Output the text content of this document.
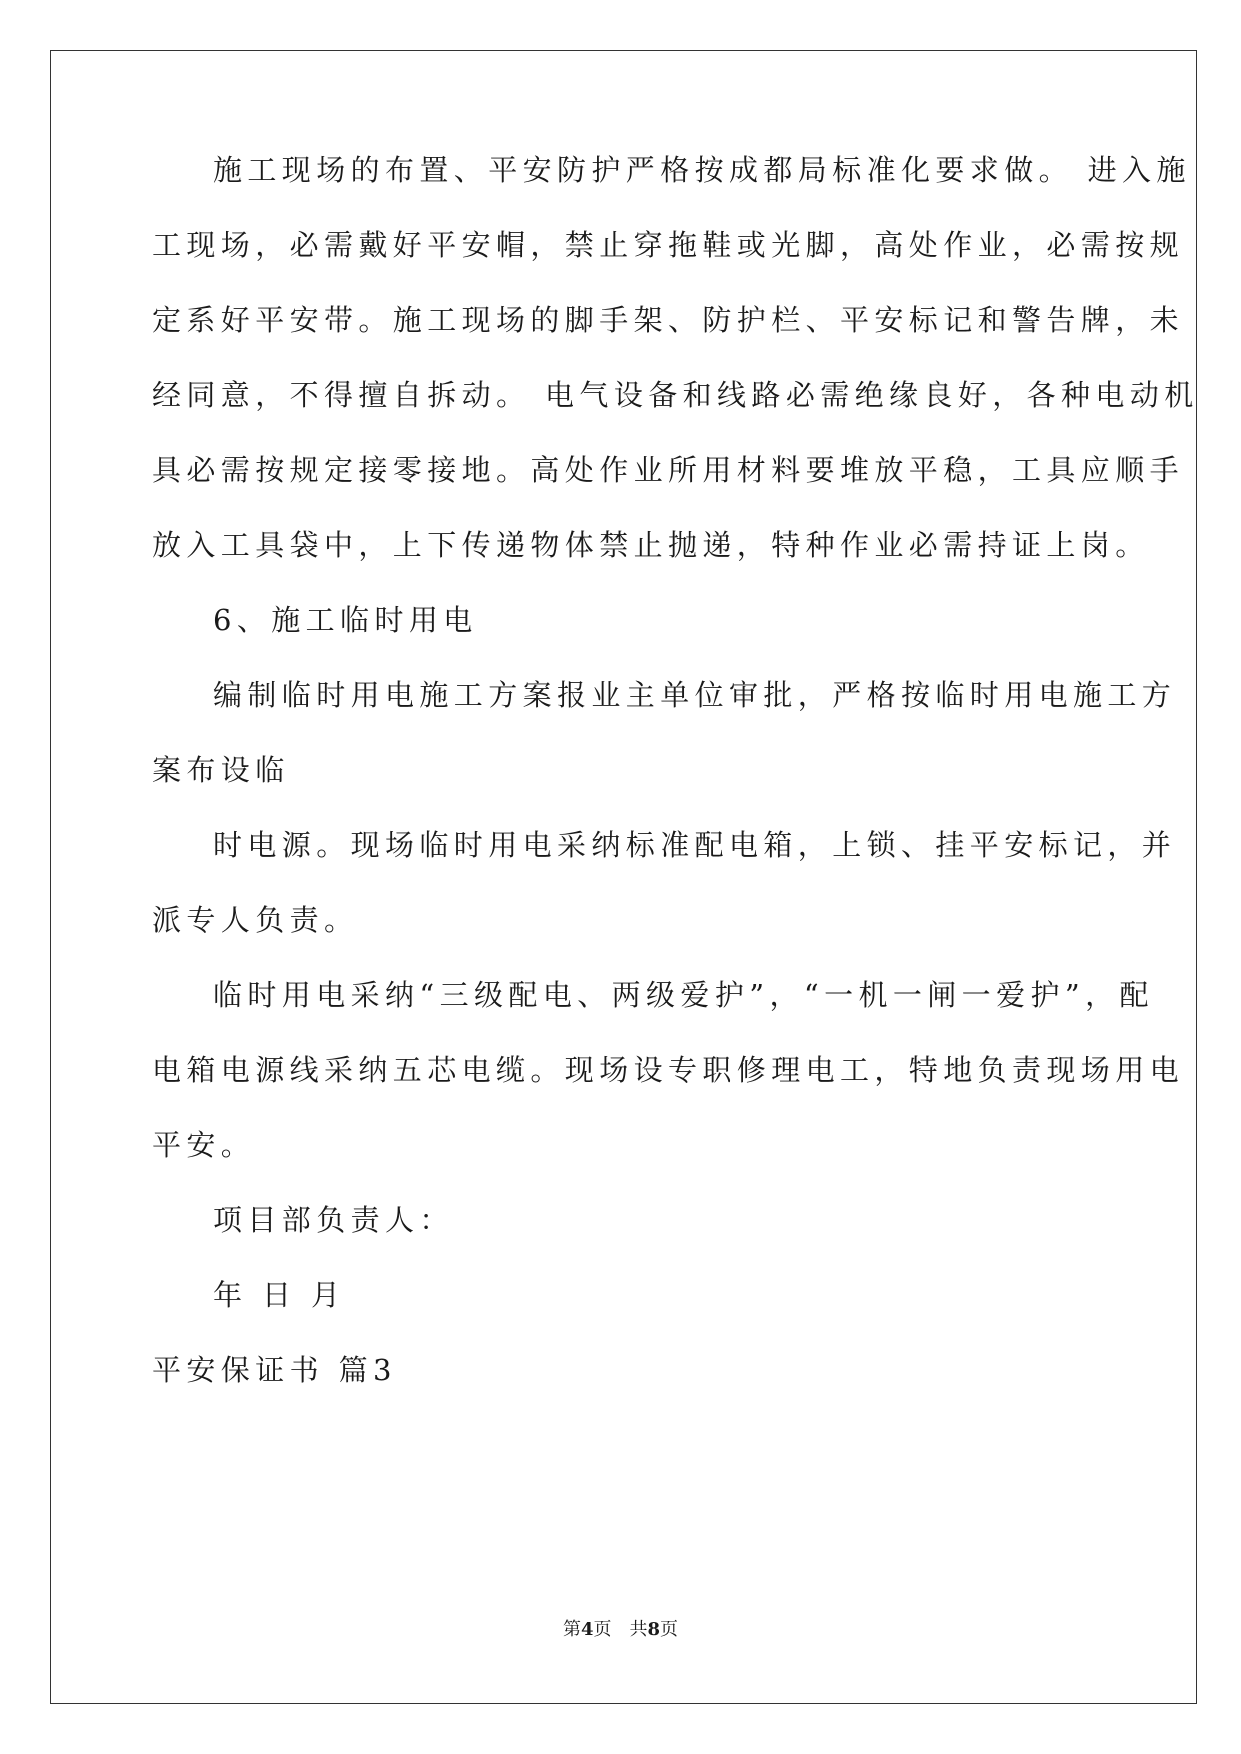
施工现场的布置、平安防护严格按成都局标准化要求做。 进入施
工现场，必需戴好平安帽，禁止穿拖鞋或光脚，高处作业，必需按规
定系好平安带。施工现场的脚手架、防护栏、平安标记和警告牌，未
经同意，不得擅自拆动。 电气设备和线路必需绝缘良好，各种电动机
具必需按规定接零接地。高处作业所用材料要堆放平稳，工具应顺手
放入工具袋中，上下传递物体禁止抛递，特种作业必需持证上岗。
6、施工临时用电
编制临时用电施工方案报业主单位审批，严格按临时用电施工方
案布设临
时电源。现场临时用电采纳标准配电箱，上锁、挂平安标记，并
派专人负责。
临时用电采纳“三级配电、两级爱护”，“一机一闸一爱护”，配
电箱电源线采纳五芯电缆。现场设专职修理电工，特地负责现场用电
平安。
项目部负责人：
年 日 月
平安保证书 篇3
第4页　共8页
